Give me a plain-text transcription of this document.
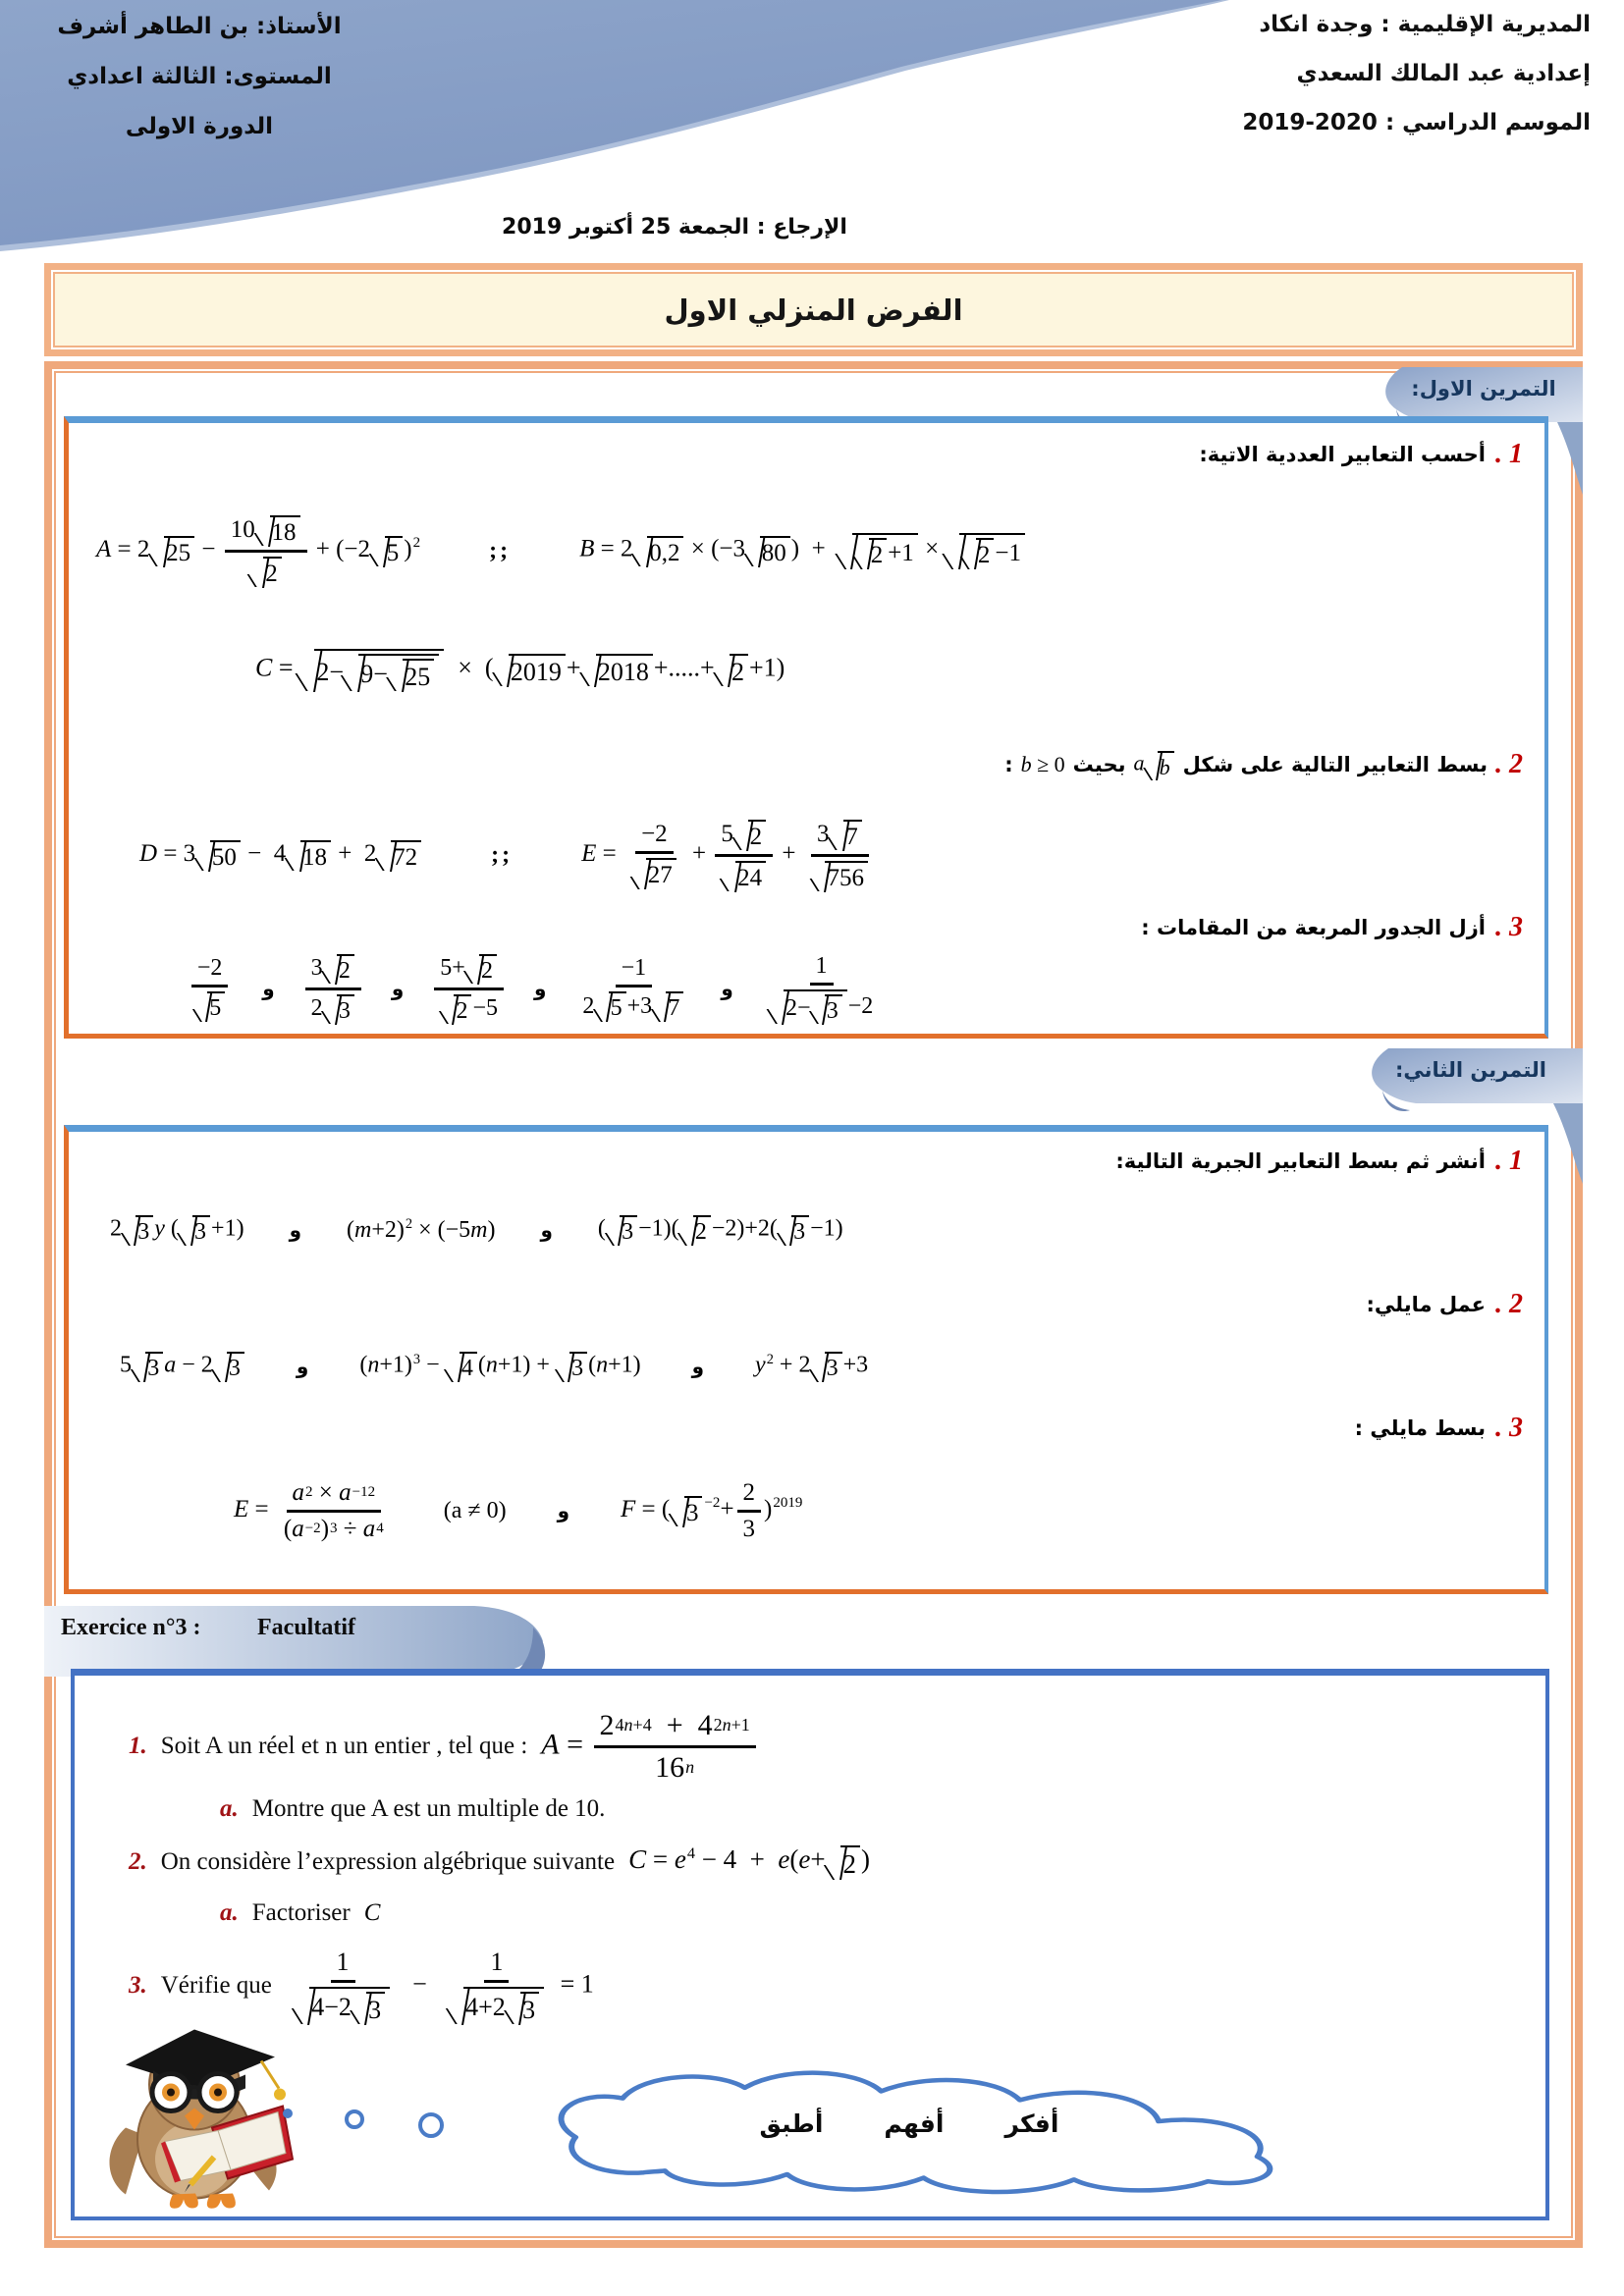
الأستاذ: بن الطاهر أشرف
المستوى: الثالثة اعدادي
الدورة الاولى
المديرية الإقليمية : وجدة انكاد
إعدادية عبد المالك السعدي
الموسم الدراسي : 2020-2019
الإرجاع : الجمعة 25 أكتوبر 2019
الفرض المنزلي الاول
التمرين الاول:
1 .
أحسب التعابير العددية الاتية:
A = 2 $25 - \frac{10 18}{2} + (-2$ 5 )$^2$	;;	B = 2 0,2 × (−3 80 )  + 2 +1 × 2 −1
C = 2− 9− 25 ×  ( 2019 + 2018 +.....+ 2 +1)
2 .
بسط التعابير التالية على شكل
a b
بحيث
b ≥ 0
:
D = 3 50 −  4 18 +  2 72	;;	$E = \frac{-2}{27} + \frac{5 2}{24} + \frac{3 7}{756}$
3 .
أزل الجدور المربعة من المقامات :
$\frac{-2}{5}$ و $\frac{3 2}{2 3}$ و $\frac{5+ 2}{2 -5}$ و $\frac{-1}{2 5 +3 7}$ و $\frac{1}{2- 3 -2}$
التمرين الثاني:
1 .
أنشر ثم بسط التعابير الجبرية التالية:
2 3 y ( 3 +1) و $(m+2)^2 \times (-5m)$ و ( 3 −1)( 2 −2)+2( 3 −1)
2 .
عمل مايلي:
5 3 a − 2 3	و $(n+1)^3 - 4$ (n+1) + 3 (n+1)	و $y^2 + 2$ 3 +3
3 .
بسط مايلي :
$E = \frac{a 2 \times a -12}{(a -2 ) 3 \div a 4} (a \ne 0)$	و F = ( 3 $^{-2}+ \frac{2}{3} )^{2019}$
Exercice n°3 : Facultatif
1. Soit A un réel et n un entier , tel que : $A = \frac{2 4n+4 + 4 2n+1}{16 n}$
a. Montre que A est un multiple de 10.
2. On considère l’expression algébrique suivante $C = e^4 - 4 + e(e+ 2$ )
a. Factoriser C
3. Vérifie que $\frac{1}{4-2 3} - \frac{1}{4+2 3} = 1$
أفكر
أفهم
أطبق
